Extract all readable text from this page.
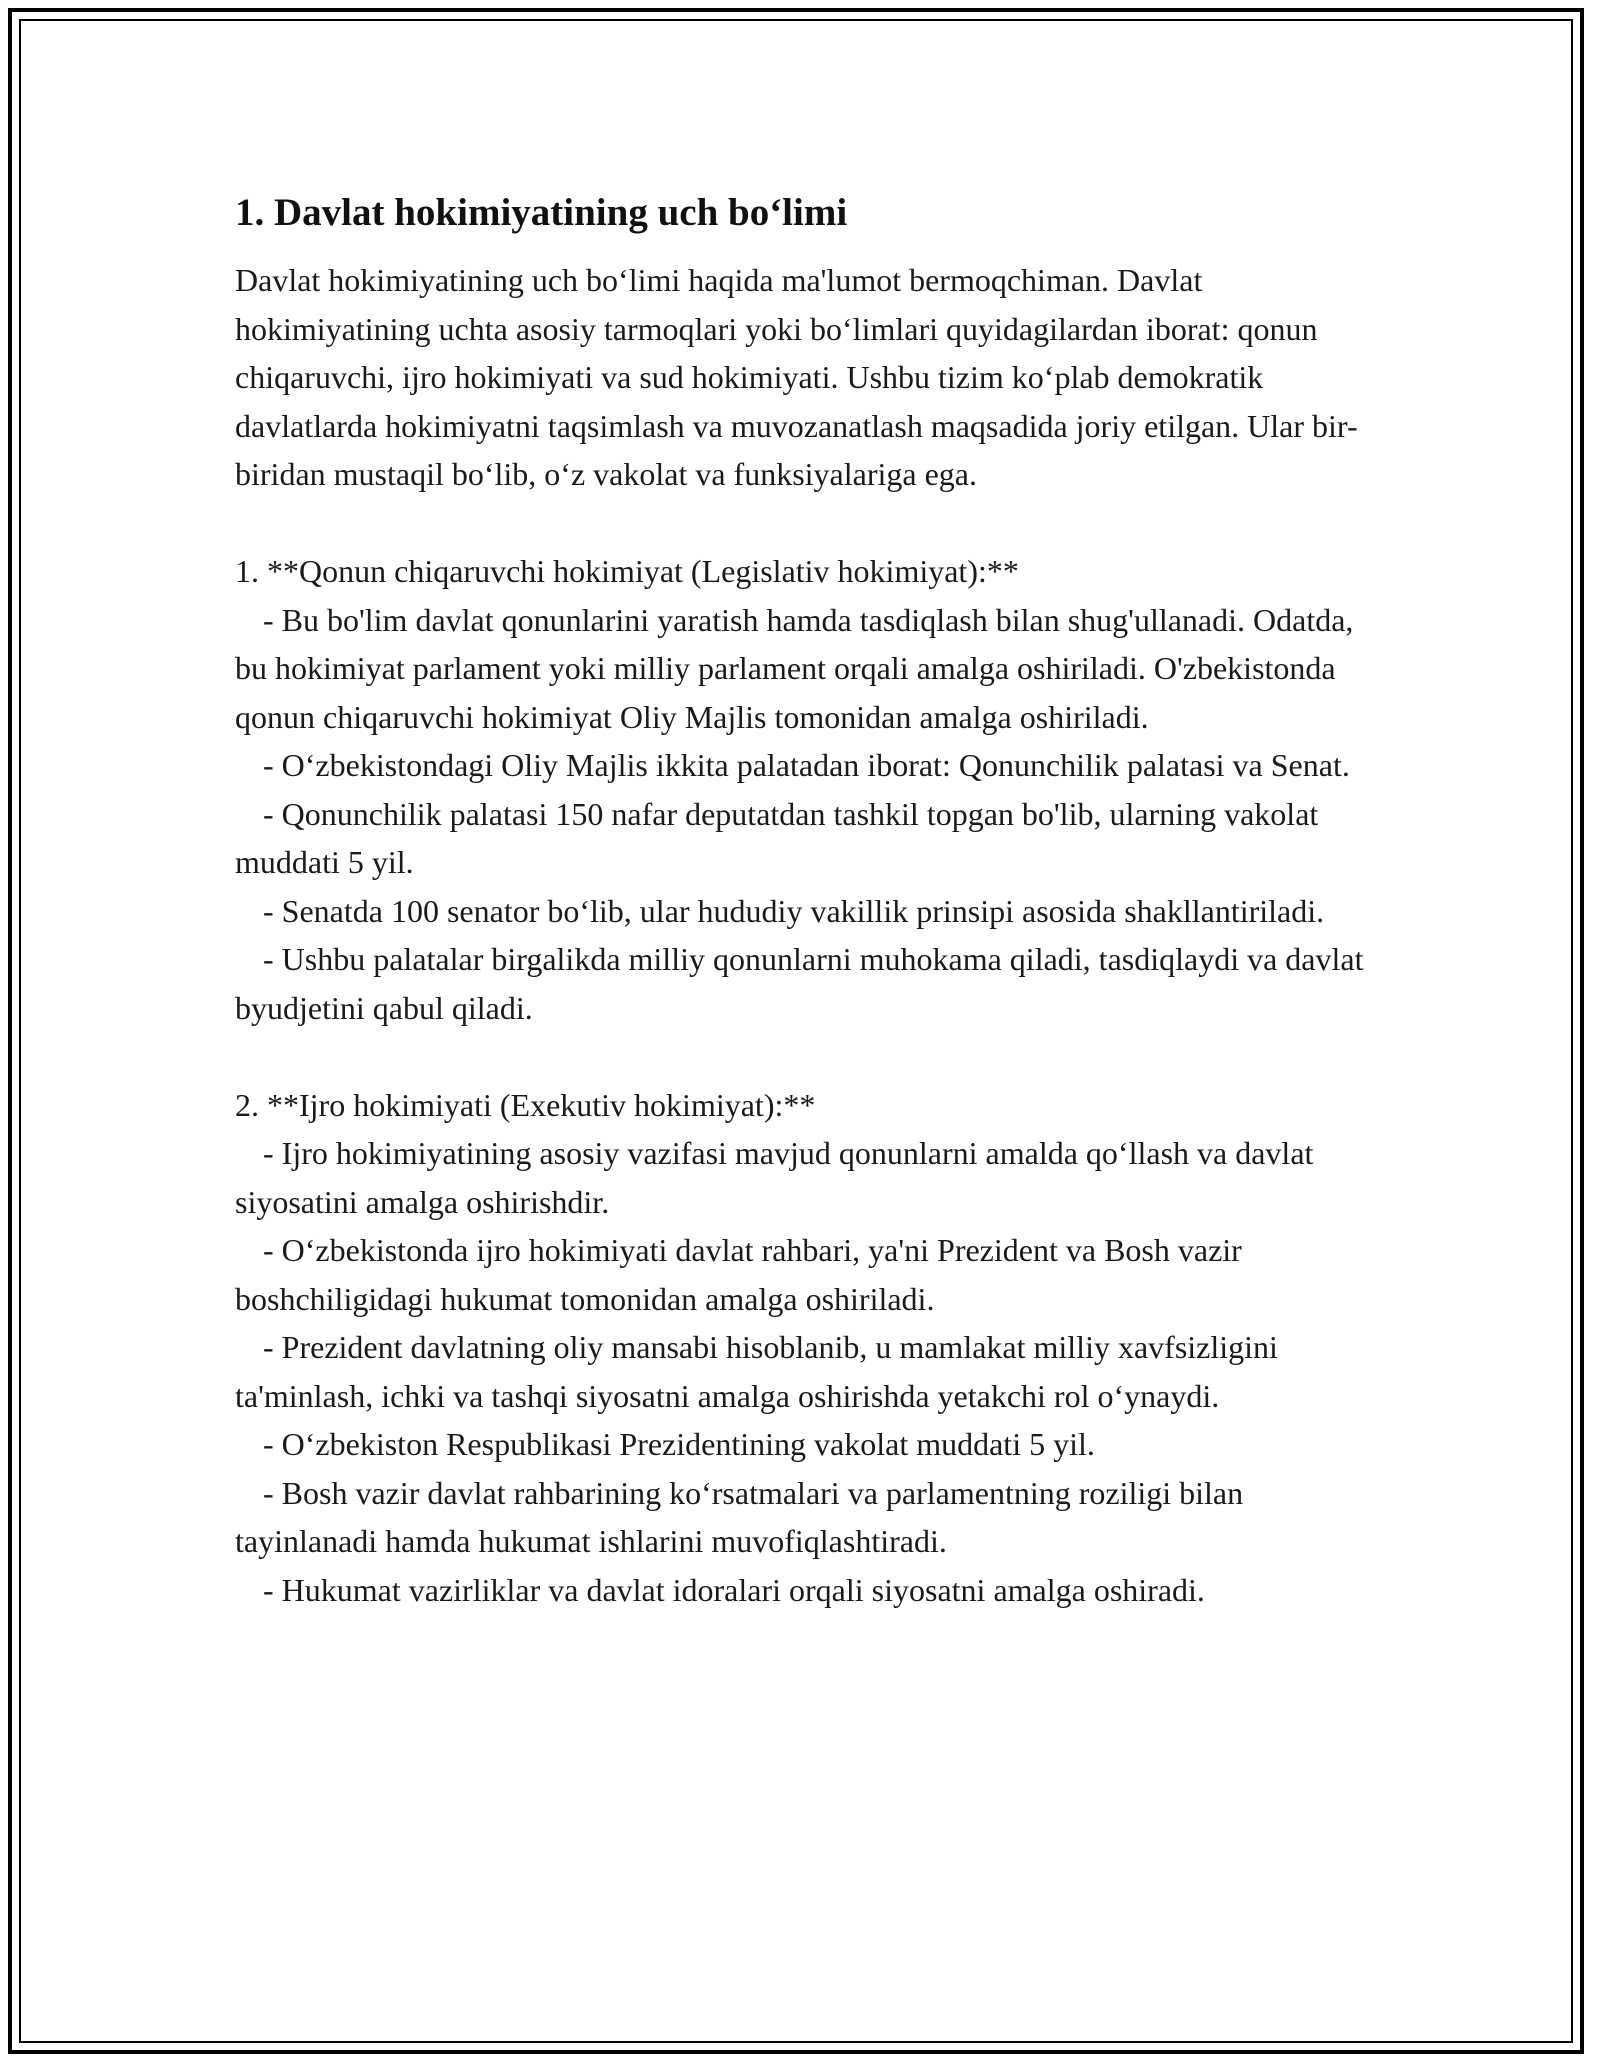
1. Davlat hokimiyatining uch bo‘limi

Davlat hokimiyatining uch bo‘limi haqida ma'lumot bermoqchiman. Davlat hokimiyatining uchta asosiy tarmoqlari yoki bo‘limlari quyidagilardan iborat: qonun chiqaruvchi, ijro hokimiyati va sud hokimiyati. Ushbu tizim ko‘plab demokratik davlatlarda hokimiyatni taqsimlash va muvozanatlash maqsadida joriy etilgan. Ular bir-biridan mustaqil bo‘lib, o‘z vakolat va funksiyalariga ega.

1. **Qonun chiqaruvchi hokimiyat (Legislativ hokimiyat):**

- Bu bo'lim davlat qonunlarini yaratish hamda tasdiqlash bilan shug'ullanadi. Odatda, bu hokimiyat parlament yoki milliy parlament orqali amalga oshiriladi. O'zbekistonda qonun chiqaruvchi hokimiyat Oliy Majlis tomonidan amalga oshiriladi.

- O‘zbekistondagi Oliy Majlis ikkita palatadan iborat: Qonunchilik palatasi va Senat.

- Qonunchilik palatasi 150 nafar deputatdan tashkil topgan bo'lib, ularning vakolat muddati 5 yil.

- Senatda 100 senator bo‘lib, ular hududiy vakillik prinsipi asosida shakllantiriladi.

- Ushbu palatalar birgalikda milliy qonunlarni muhokama qiladi, tasdiqlaydi va davlat byudjetini qabul qiladi.

2. **Ijro hokimiyati (Exekutiv hokimiyat):**

- Ijro hokimiyatining asosiy vazifasi mavjud qonunlarni amalda qo‘llash va davlat siyosatini amalga oshirishdir.

- O‘zbekistonda ijro hokimiyati davlat rahbari, ya'ni Prezident va Bosh vazir boshchiligidagi hukumat tomonidan amalga oshiriladi.

- Prezident davlatning oliy mansabi hisoblanib, u mamlakat milliy xavfsizligini ta'minlash, ichki va tashqi siyosatni amalga oshirishda yetakchi rol o‘ynaydi.

- O‘zbekiston Respublikasi Prezidentining vakolat muddati 5 yil.

- Bosh vazir davlat rahbarining ko‘rsatmalari va parlamentning roziligi bilan tayinlanadi hamda hukumat ishlarini muvofiqlashtiradi.

- Hukumat vazirliklar va davlat idoralari orqali siyosatni amalga oshiradi.
